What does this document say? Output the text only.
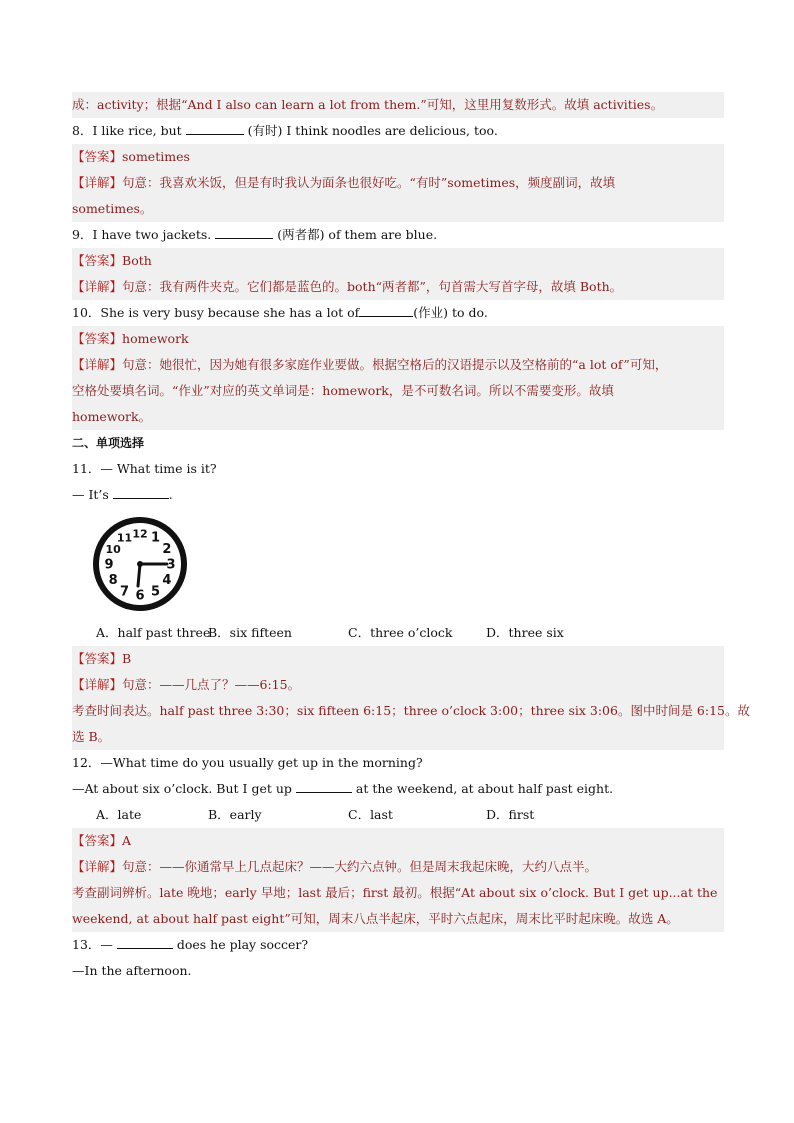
成：activity；根据“And I also can learn a lot from them.”可知，这里用复数形式。故填 activities。
8．I like rice, but	(有时) I think noodles are delicious, too.
【答案】sometimes
【详解】句意：我喜欢米饭，但是有时我认为面条也很好吃。“有时”sometimes，频度副词，故填
sometimes。
9．I have two jackets.	(两者都) of them are blue.
【答案】Both
【详解】句意：我有两件夹克。它们都是蓝色的。both“两者都”，句首需大写首字母，故填 Both。
10．She is very busy because she has a lot of	(作业) to do.
【答案】homework
【详解】句意：她很忙，因为她有很多家庭作业要做。根据空格后的汉语提示以及空格前的“a lot of”可知，
空格处要填名词。“作业”对应的英文单词是：homework，是不可数名词。所以不需要变形。故填
homework。
二、单项选择
11．— What time is it?
— It’s	.
12 1
2
3
4
5
6
7
8
9
10
11
A．half past three
B．six fifteen	C．three o’clock	D．three six
【答案】B
【详解】句意：——几点了？——6:15。
考查时间表达。half past three 3:30；six fifteen 6:15；three o’clock 3:00；three six 3:06。图中时间是 6:15。故
选 B。
12．—What time do you usually get up in the morning?
—At about six o’clock. But I get up	at the weekend, at about half past eight.
A．late	B．early	C．last	D．first
【答案】A
【详解】句意：——你通常早上几点起床？——大约六点钟。但是周末我起床晚，大约八点半。
考查副词辨析。late 晚地；early 早地；last 最后；first 最初。根据“At about six o’clock. But I get up...at the
weekend, at about half past eight”可知，周末八点半起床，平时六点起床，周末比平时起床晚。故选 A。
13．—	does he play soccer?
—In the afternoon.
